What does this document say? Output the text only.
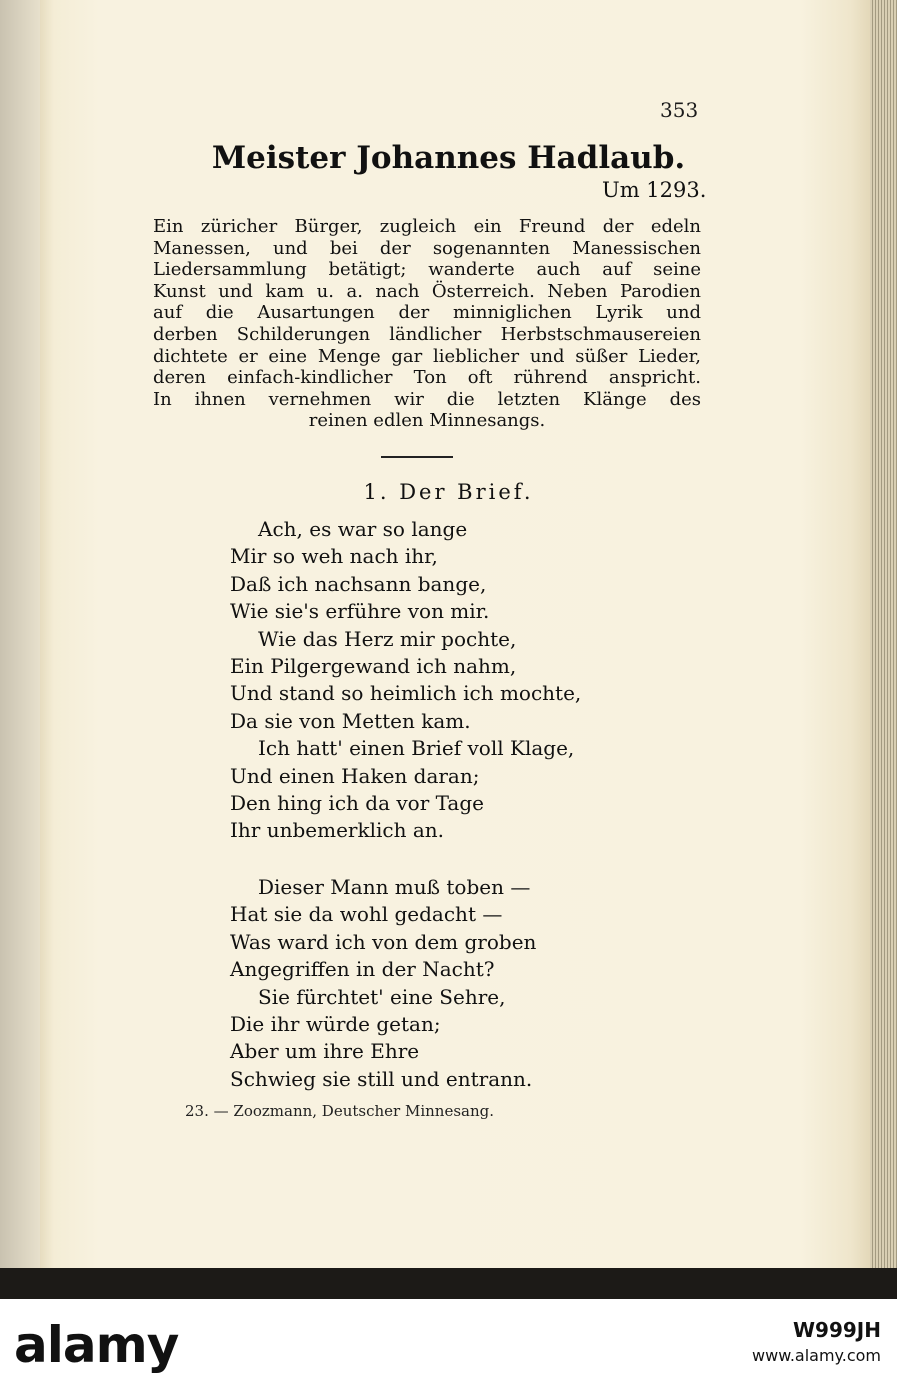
353
Meister Johannes Hadlaub.
Um 1293.
Ein züricher Bürger, zugleich ein Freund der edeln
Manessen, und bei der sogenannten Manessischen
Liedersammlung betätigt; wanderte auch auf seine
Kunst und kam u. a. nach Österreich. Neben Parodien
auf die Ausartungen der minniglichen Lyrik und
derben Schilderungen ländlicher Herbstschmausereien
dichtete er eine Menge gar lieblicher und süßer Lieder,
deren einfach-kindlicher Ton oft rührend anspricht.
In ihnen vernehmen wir die letzten Klänge des
reinen edlen Minnesangs.
1. Der Brief.
Ach, es war so lange
Mir so weh nach ihr,
Daß ich nachsann bange,
Wie sie's erführe von mir.
Wie das Herz mir pochte,
Ein Pilgergewand ich nahm,
Und stand so heimlich ich mochte,
Da sie von Metten kam.
Ich hatt' einen Brief voll Klage,
Und einen Haken daran;
Den hing ich da vor Tage
Ihr unbemerklich an.
Dieser Mann muß toben —
Hat sie da wohl gedacht —
Was ward ich von dem groben
Angegriffen in der Nacht?
Sie fürchtet' eine Sehre,
Die ihr würde getan;
Aber um ihre Ehre
Schwieg sie still und entrann.
23. — Zoozmann, Deutscher Minnesang.
alamy	W999JH
www.alamy.com
